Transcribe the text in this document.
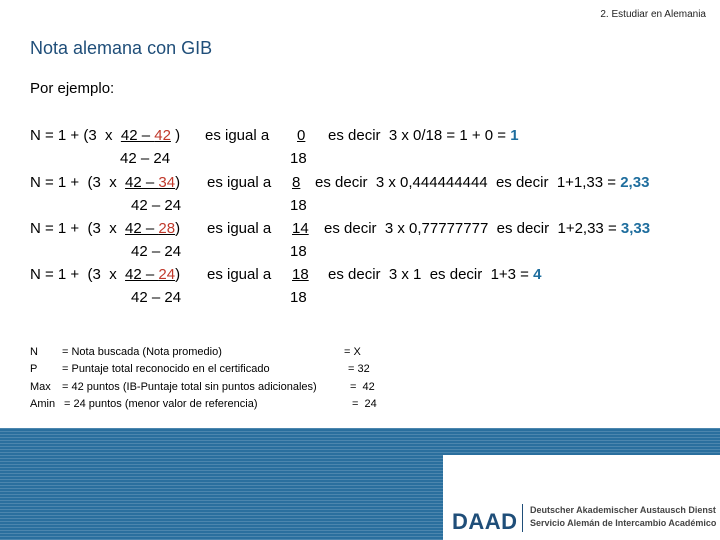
2. Estudiar en Alemania
Nota alemana con GIB
Por ejemplo:
N = 1 + (3  x  42 – 42 ) es igual a 0 es decir  3 x 0/18 = 1 + 0 = 1
42 – 24	18
N = 1 +  (3  x  42 – 34) es igual a 8 es decir  3 x 0,444444444  es decir  1+1,33 = 2,33
42 – 24	18
N = 1 +  (3  x  42 – 28) es igual a 14 es decir  3 x 0,77777777  es decir  1+2,33 = 3,33
42 – 24	18
N = 1 +  (3  x  42 – 24) es igual a 18 es decir  3 x 1  es decir  1+3 = 4
42 – 24	18
N = Nota buscada (Nota promedio)	= X
P = Puntaje total reconocido en el certificado	= 32
Max = 42 puntos (IB-Puntaje total sin puntos adicionales)	=  42
Amin = 24 puntos (menor valor de referencia)	=  24
DAAD Deutscher Akademischer Austausch Dienst
Servicio Alemán de Intercambio Académico
